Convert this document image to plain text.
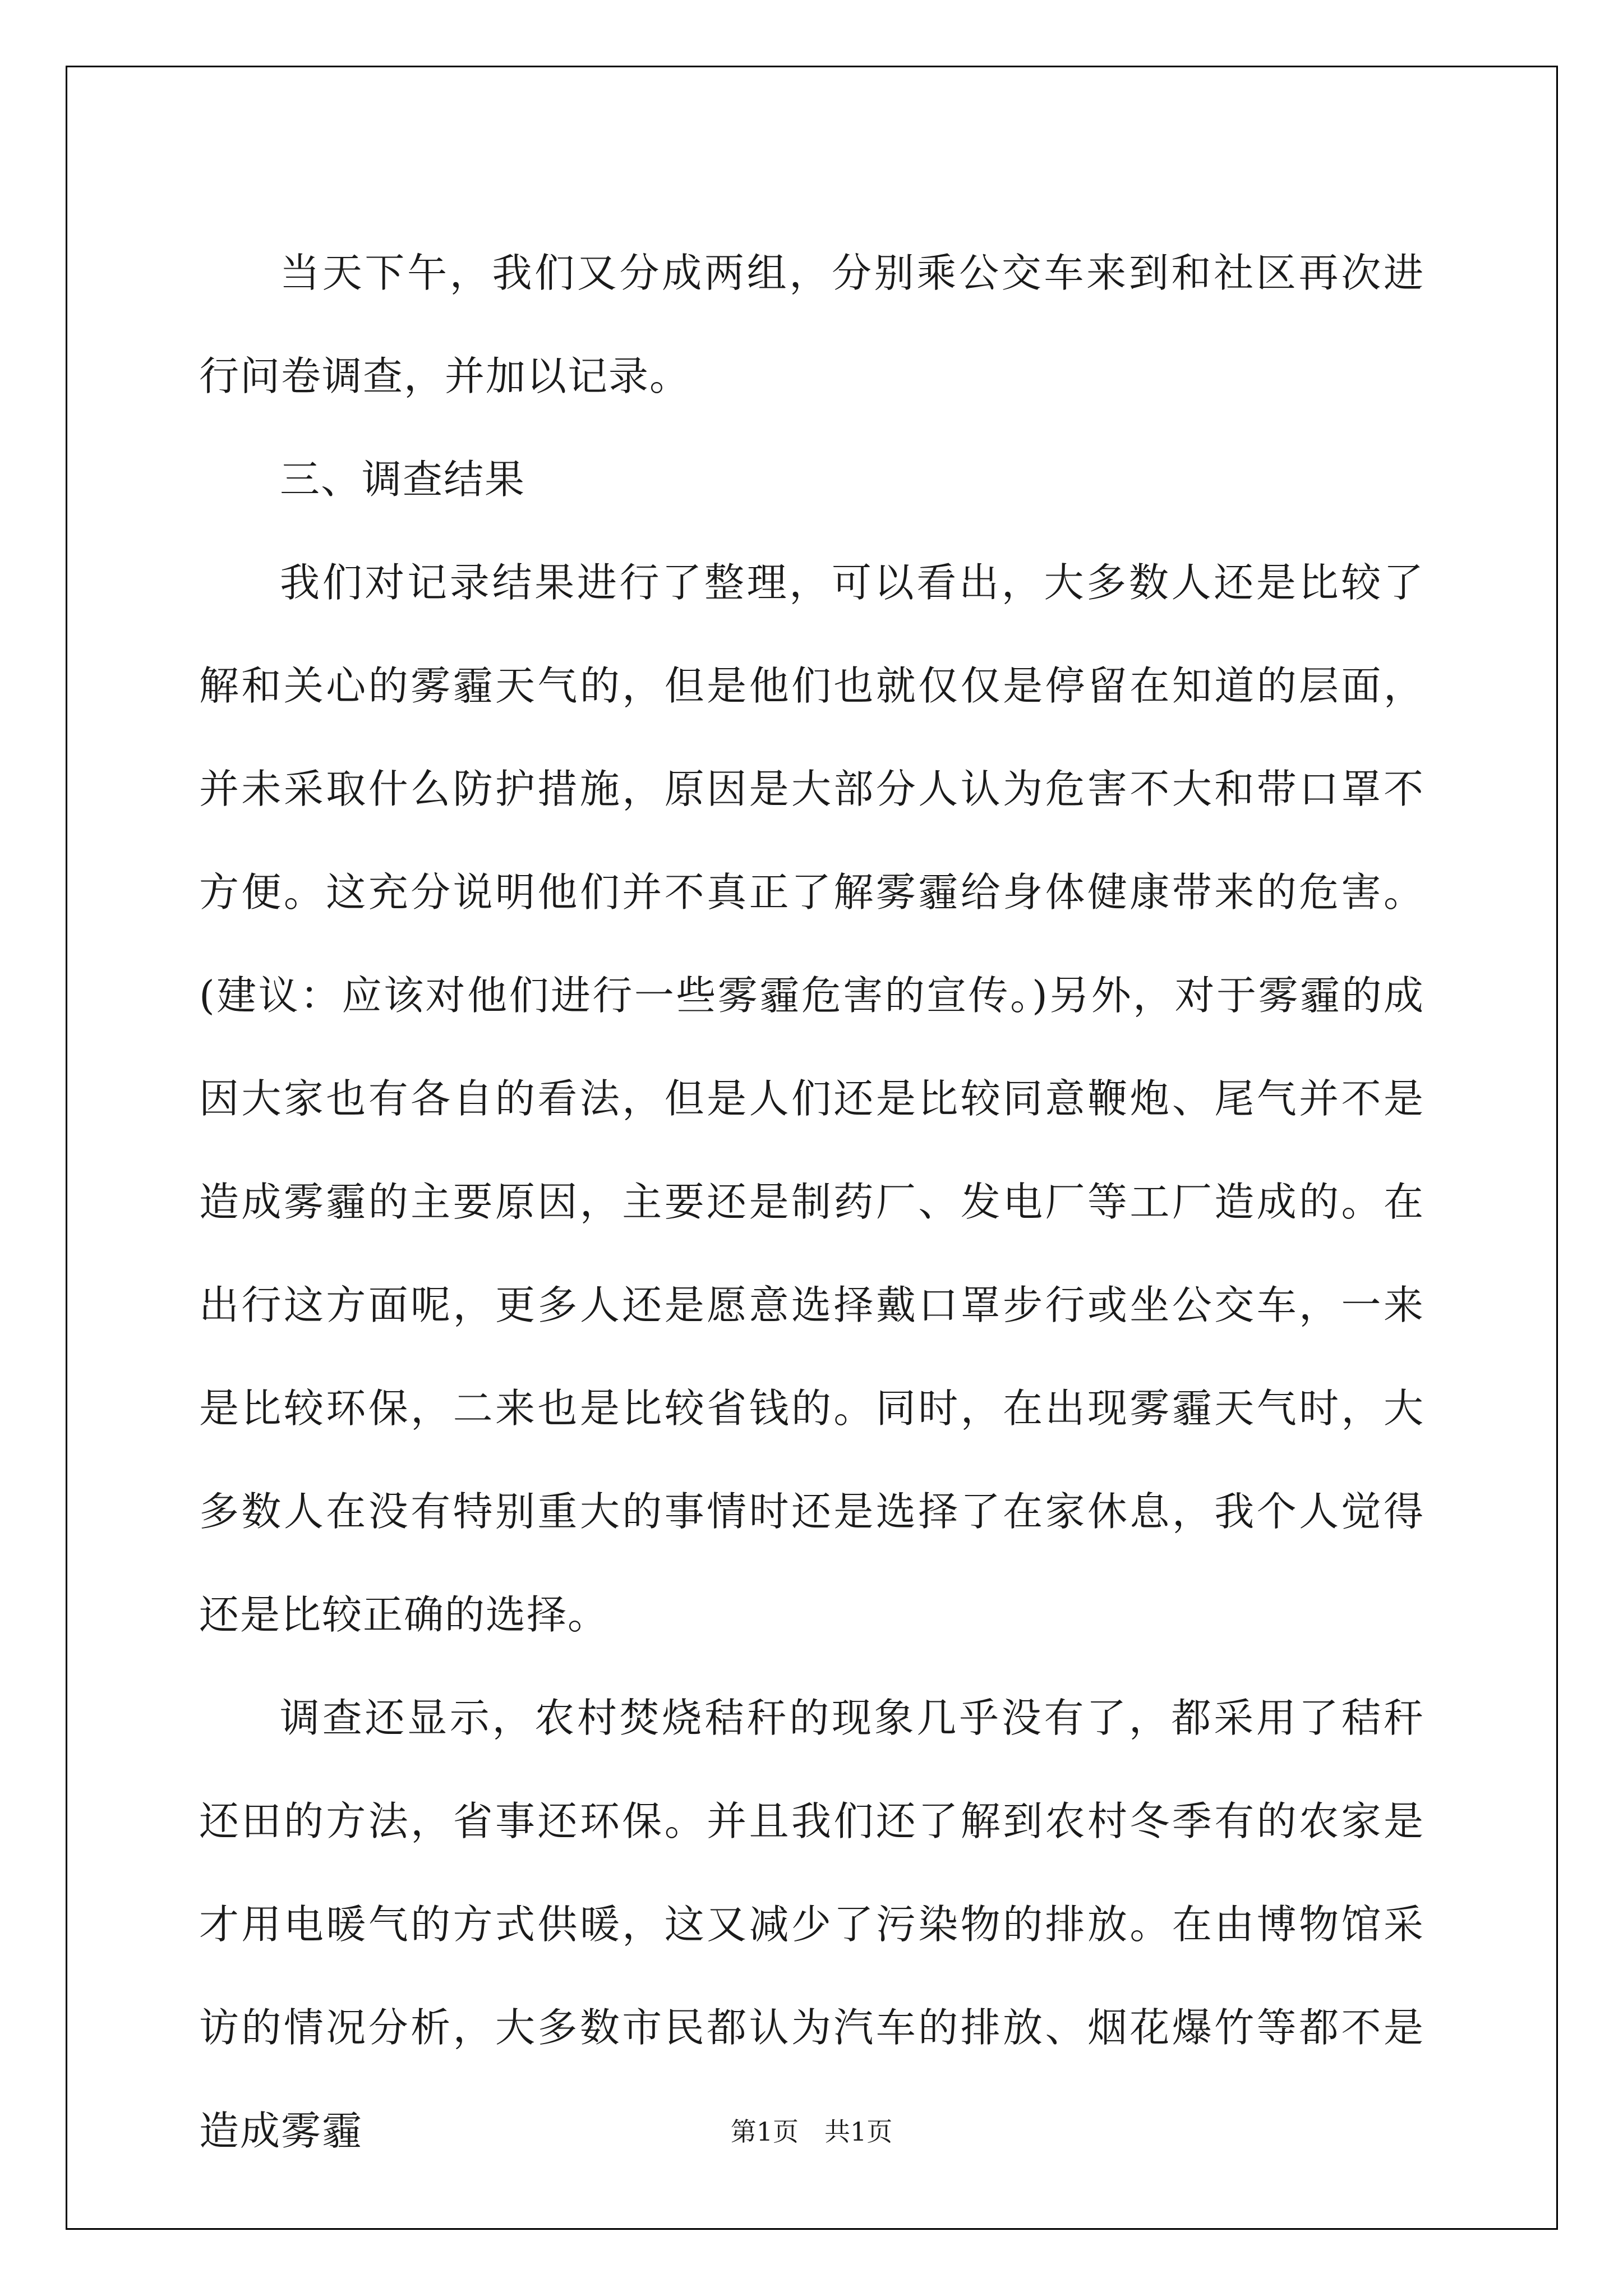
当天下午，我们又分成两组，分别乘公交车来到和社区再次进行问卷调查，并加以记录。

三、调查结果

我们对记录结果进行了整理，可以看出，大多数人还是比较了解和关心的雾霾天气的，但是他们也就仅仅是停留在知道的层面，并未采取什么防护措施，原因是大部分人认为危害不大和带口罩不方便。这充分说明他们并不真正了解雾霾给身体健康带来的危害。(建议：应该对他们进行一些雾霾危害的宣传。)另外，对于雾霾的成因大家也有各自的看法，但是人们还是比较同意鞭炮、尾气并不是造成雾霾的主要原因，主要还是制药厂、发电厂等工厂造成的。在出行这方面呢，更多人还是愿意选择戴口罩步行或坐公交车，一来是比较环保，二来也是比较省钱的。同时，在出现雾霾天气时，大多数人在没有特别重大的事情时还是选择了在家休息，我个人觉得还是比较正确的选择。

调查还显示，农村焚烧秸秆的现象几乎没有了，都采用了秸秆还田的方法，省事还环保。并且我们还了解到农村冬季有的农家是才用电暖气的方式供暖，这又减少了污染物的排放。在由博物馆采访的情况分析，大多数市民都认为汽车的排放、烟花爆竹等都不是造成雾霾	第1页　共1页
